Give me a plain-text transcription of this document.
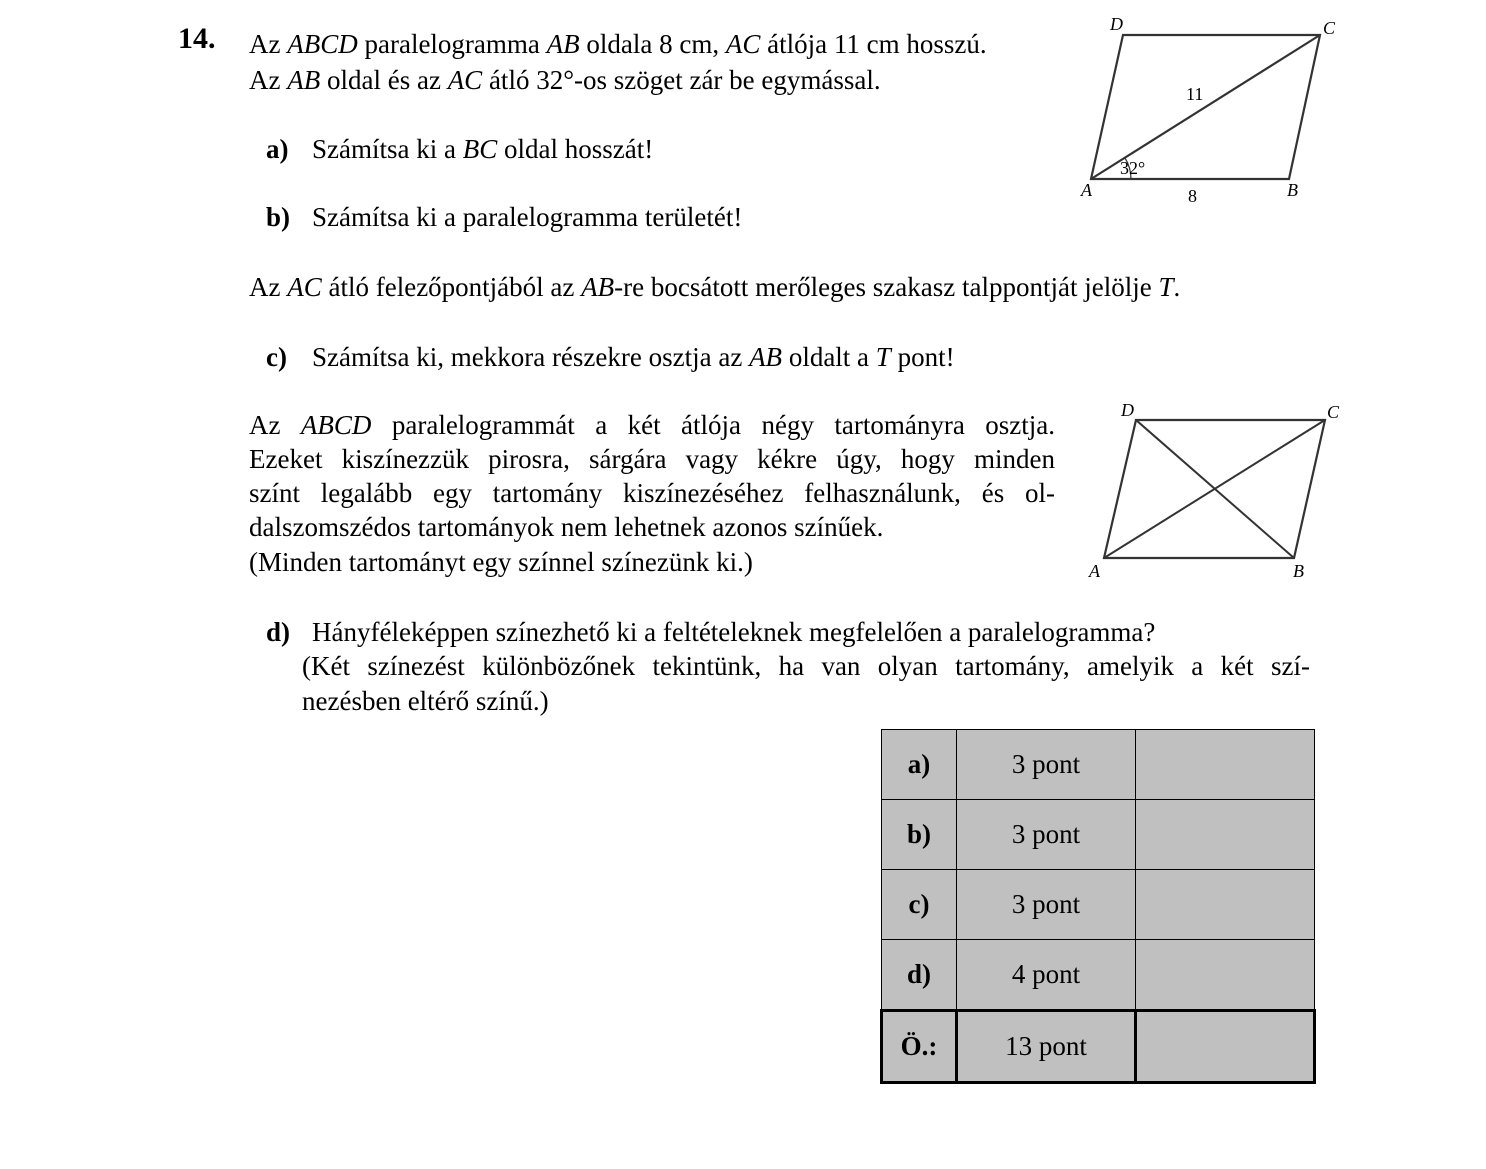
14. Az ABCD paralelogramma AB oldala 8 cm, AC átlója 11 cm hosszú.
Az AB oldal és az AC átló 32°-os szöget zár be egymással.
a) Számítsa ki a BC oldal hosszát!
b) Számítsa ki a paralelogramma területét!
Az AC átló felezőpontjából az AB-re bocsátott merőleges szakasz talppontját jelölje T.
c) Számítsa ki, mekkora részekre osztja az AB oldalt a T pont!
Az ABCD paralelogrammát a két átlója négy tartományra osztja.
Ezeket kiszínezzük pirosra, sárgára vagy kékre úgy, hogy minden
színt legalább egy tartomány kiszínezéséhez felhasználunk, és ol-
dalszomszédos tartományok nem lehetnek azonos színűek.
(Minden tartományt egy színnel színezünk ki.)
d) Hányféleképpen színezhető ki a feltételeknek megfelelően a paralelogramma?
(Két színezést különbözőnek tekintünk, ha van olyan tartomány, amelyik a két szí-
nezésben eltérő színű.)
A	B
C
D
11
8
32°
A	B
C
D
a)	3 pont	
b)	3 pont	
c)	3 pont	
d)	4 pont	
Ö.:	13 pont	
